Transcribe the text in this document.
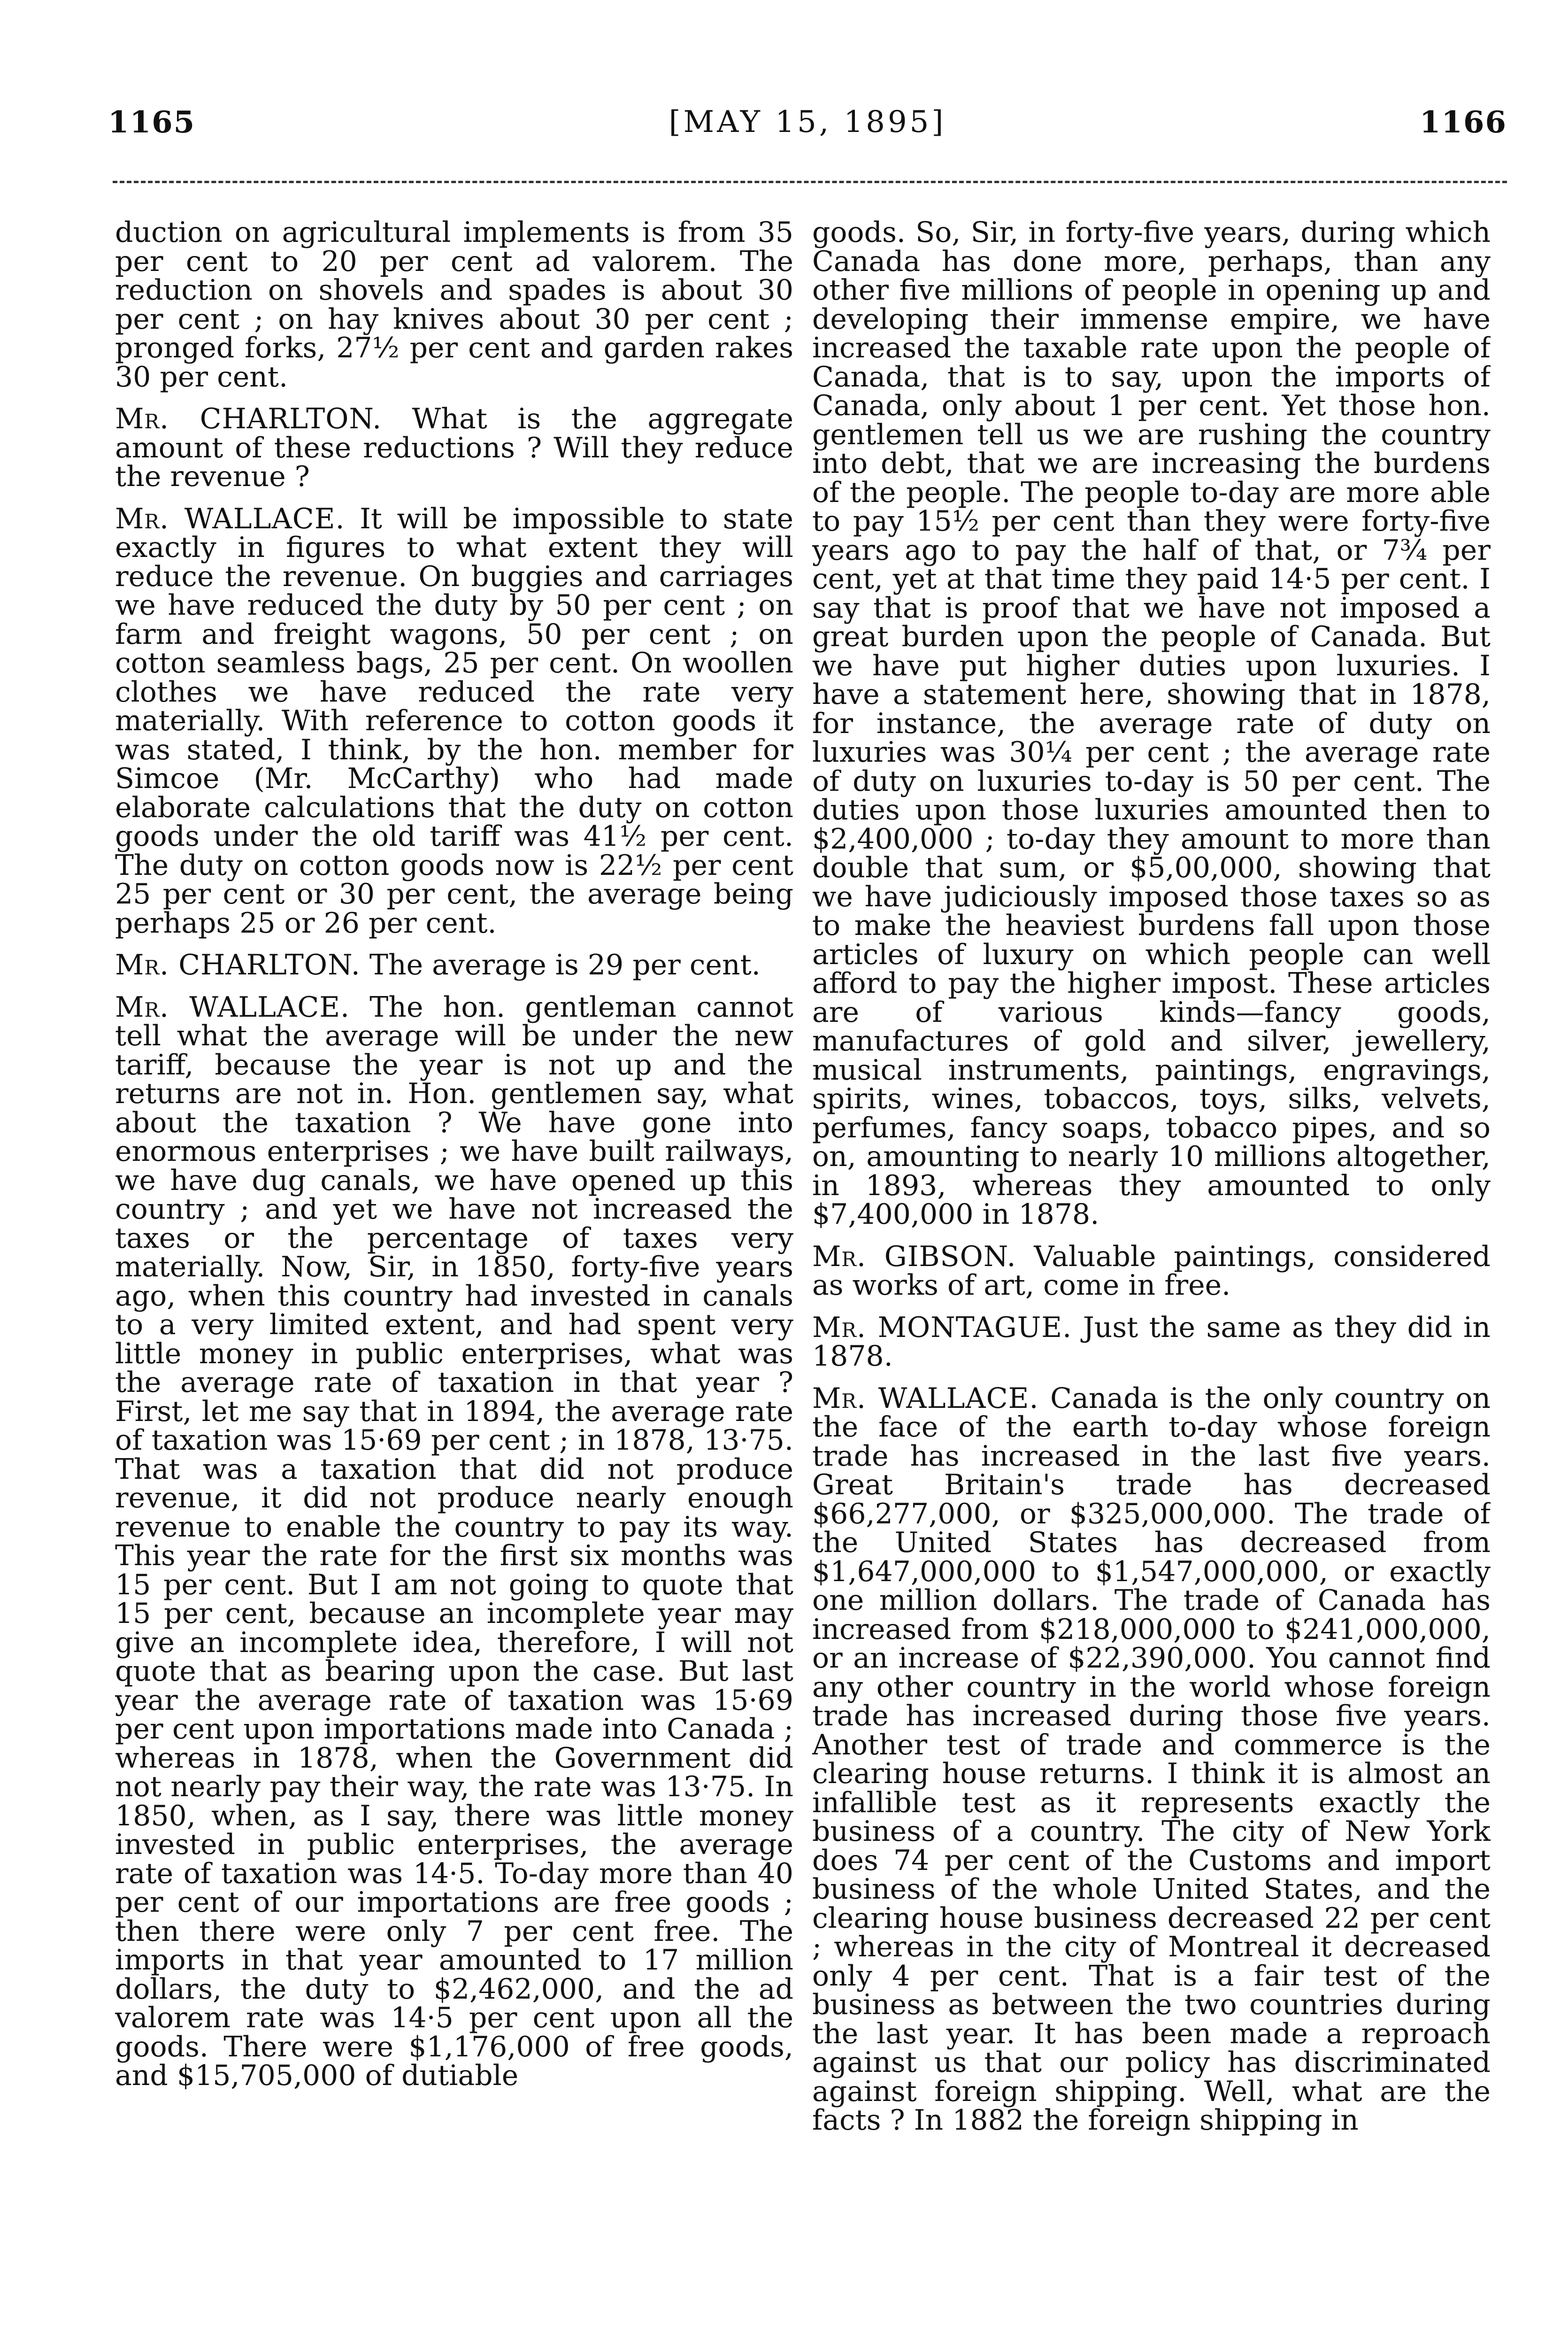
1165	[MAY 15, 1895]	1166

duction on agricultural implements is from 35 per cent to 20 per cent ad valorem. The reduction on shovels and spades is about 30 per cent ; on hay knives about 30 per cent ; pronged forks, 27½ per cent and garden rakes 30 per cent.

Mr. CHARLTON. What is the aggregate amount of these reductions ? Will they reduce the revenue ?

Mr. WALLACE. It will be impossible to state exactly in figures to what extent they will reduce the revenue. On buggies and carriages we have reduced the duty by 50 per cent ; on farm and freight wagons, 50 per cent ; on cotton seamless bags, 25 per cent. On woollen clothes we have reduced the rate very materially. With reference to cotton goods it was stated, I think, by the hon. member for Simcoe (Mr. McCarthy) who had made elaborate calculations that the duty on cotton goods under the old tariff was 41½ per cent. The duty on cotton goods now is 22½ per cent 25 per cent or 30 per cent, the average being perhaps 25 or 26 per cent.

Mr. CHARLTON. The average is 29 per cent.

Mr. WALLACE. The hon. gentleman cannot tell what the average will be under the new tariff, because the year is not up and the returns are not in. Hon. gentlemen say, what about the taxation ? We have gone into enormous enterprises ; we have built railways, we have dug canals, we have opened up this country ; and yet we have not increased the taxes or the percentage of taxes very materially. Now, Sir, in 1850, forty-five years ago, when this country had invested in canals to a very limited extent, and had spent very little money in public enterprises, what was the average rate of taxation in that year ? First, let me say that in 1894, the average rate of taxation was 15·69 per cent ; in 1878, 13·75. That was a taxation that did not produce revenue, it did not produce nearly enough revenue to enable the country to pay its way. This year the rate for the first six months was 15 per cent. But I am not going to quote that 15 per cent, because an incomplete year may give an incomplete idea, therefore, I will not quote that as bearing upon the case. But last year the average rate of taxation was 15·69 per cent upon importations made into Canada ; whereas in 1878, when the Government did not nearly pay their way, the rate was 13·75. In 1850, when, as I say, there was little money invested in public enterprises, the average rate of taxation was 14·5. To-day more than 40 per cent of our importations are free goods ; then there were only 7 per cent free. The imports in that year amounted to 17 million dollars, the duty to $2,462,000, and the ad valorem rate was 14·5 per cent upon all the goods. There were $1,176,000 of free goods, and $15,705,000 of dutiable

goods. So, Sir, in forty-five years, during which Canada has done more, perhaps, than any other five millions of people in opening up and developing their immense empire, we have increased the taxable rate upon the people of Canada, that is to say, upon the imports of Canada, only about 1 per cent. Yet those hon. gentlemen tell us we are rushing the country into debt, that we are increasing the burdens of the people. The people to-day are more able to pay 15½ per cent than they were forty-five years ago to pay the half of that, or 7¾ per cent, yet at that time they paid 14·5 per cent. I say that is proof that we have not imposed a great burden upon the people of Canada. But we have put higher duties upon luxuries. I have a statement here, showing that in 1878, for instance, the average rate of duty on luxuries was 30¼ per cent ; the average rate of duty on luxuries to-day is 50 per cent. The duties upon those luxuries amounted then to $2,400,000 ; to-day they amount to more than double that sum, or $5,00,000, showing that we have judiciously imposed those taxes so as to make the heaviest burdens fall upon those articles of luxury on which people can well afford to pay the higher impost. These articles are of various kinds—fancy goods, manufactures of gold and silver, jewellery, musical instruments, paintings, engravings, spirits, wines, tobaccos, toys, silks, velvets, perfumes, fancy soaps, tobacco pipes, and so on, amounting to nearly 10 millions altogether, in 1893, whereas they amounted to only $7,400,000 in 1878.

Mr. GIBSON. Valuable paintings, considered as works of art, come in free.

Mr. MONTAGUE. Just the same as they did in 1878.

Mr. WALLACE. Canada is the only country on the face of the earth to-day whose foreign trade has increased in the last five years. Great Britain's trade has decreased $66,277,000, or $325,000,000. The trade of the United States has decreased from $1,647,000,000 to $1,547,000,000, or exactly one million dollars. The trade of Canada has increased from $218,000,000 to $241,000,000, or an increase of $22,390,000. You cannot find any other country in the world whose foreign trade has increased during those five years. Another test of trade and commerce is the clearing house returns. I think it is almost an infallible test as it represents exactly the business of a country. The city of New York does 74 per cent of the Customs and import business of the whole United States, and the clearing house business decreased 22 per cent ; whereas in the city of Montreal it decreased only 4 per cent. That is a fair test of the business as between the two countries during the last year. It has been made a reproach against us that our policy has discriminated against foreign shipping. Well, what are the facts ? In 1882 the foreign shipping in
